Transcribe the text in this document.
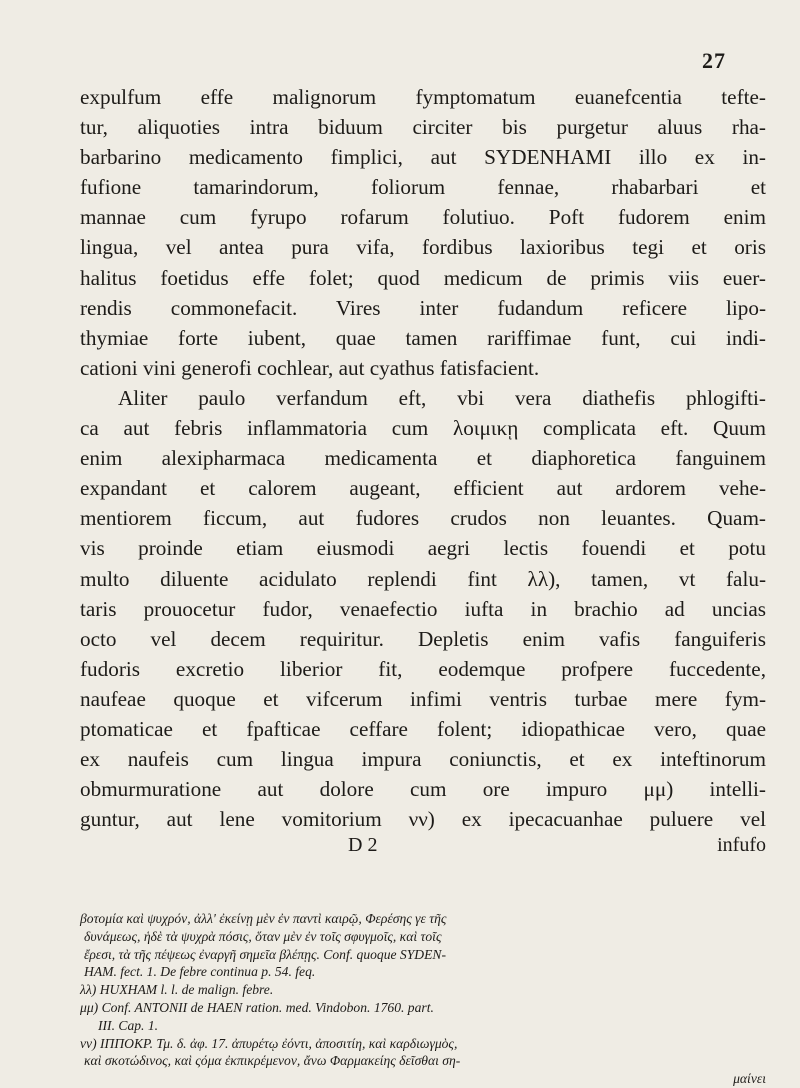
27
expulfum effe malignorum fymptomatum euanefcentia tefte-
tur, aliquoties intra biduum circiter bis purgetur aluus rha-
barbarino medicamento fimplici, aut SYDENHAMI illo ex in-
fufione tamarindorum, foliorum fennae, rhabarbari et
mannae cum fyrupo rofarum folutiuo. Poft fudorem enim
lingua, vel antea pura vifa, fordibus laxioribus tegi et oris
halitus foetidus effe folet; quod medicum de primis viis euer-
rendis commonefacit. Vires inter fudandum reficere lipo-
thymiae forte iubent, quae tamen rariffimae funt, cui indi-
cationi vini generofi cochlear, aut cyathus fatisfacient.
Aliter paulo verfandum eft, vbi vera diathefis phlogifti-
ca aut febris inflammatoria cum λοιμικῃ complicata eft. Quum
enim alexipharmaca medicamenta et diaphoretica fanguinem
expandant et calorem augeant, efficient aut ardorem vehe-
mentiorem ficcum, aut fudores crudos non leuantes. Quam-
vis proinde etiam eiusmodi aegri lectis fouendi et potu
multo diluente acidulato replendi fint λλ), tamen, vt falu-
taris prouocetur fudor, venaefectio iufta in brachio ad uncias
octo vel decem requiritur. Depletis enim vafis fanguiferis
fudoris excretio liberior fit, eodemque profpere fuccedente,
naufeae quoque et vifcerum infimi ventris turbae mere fym-
ptomaticae et fpafticae ceffare folent; idiopathicae vero, quae
ex naufeis cum lingua impura coniunctis, et ex inteftinorum
obmurmuratione aut dolore cum ore impuro μμ) intelli-
guntur, aut lene vomitorium νν) ex ipecacuanhae puluere vel
D 2	infufo
βοτομία καὶ ψυχρόν, ἀλλ' ἐκείνῃ μὲν ἐν παντὶ καιρῷ, Φερέσης γε τῆς
δυνάμεως, ἡδὲ τὰ ψυχρὰ πόσις, ὅταν μὲν ἐν τοῖς σφυγμοῖς, καὶ τοῖς
ἔρεσι, τὰ τῆς πέψεως ἐναργῆ σημεῖα βλέπῃς. Conf. quoque SYDEN-
HAM. fect. 1. De febre continua p. 54. feq.
λλ) HUXHAM l. l. de malign. febre.
μμ) Conf. ANTONII de HAEN ration. med. Vindobon. 1760. part.
III. Cap. 1.
νν) ΙΠΠΟΚΡ. Τμ. δ. ἀφ. 17. ἀπυρέτῳ ἐόντι, ἀποσιτίη, καὶ καρδιωγμὸς,
καὶ σκοτώδινος, καὶ ςόμα ἐκπικρέμενον, ἄνω Φαρμακείης δεῖσθαι ση-
μαίνει
